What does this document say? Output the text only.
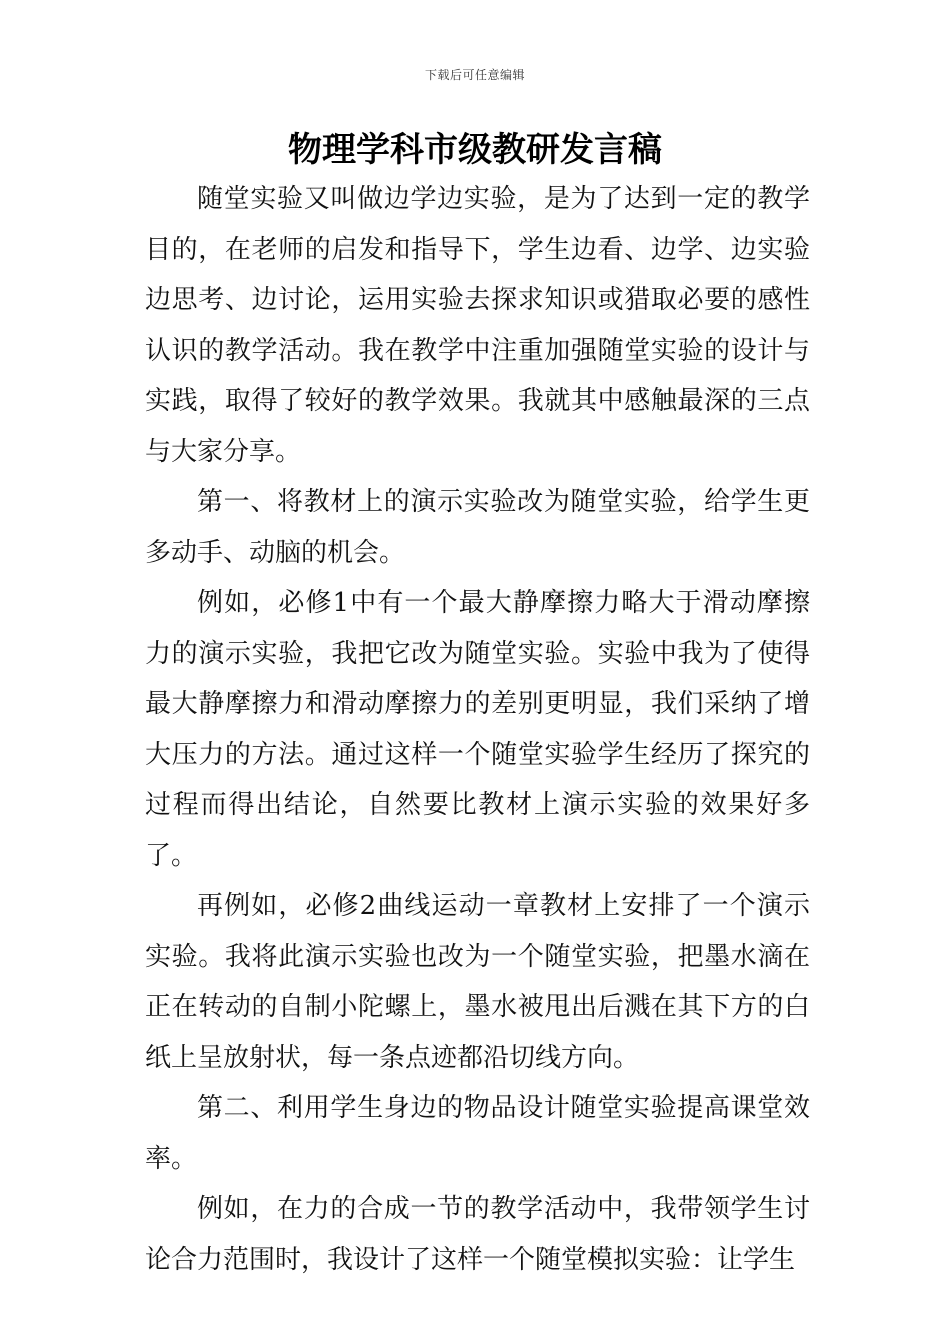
下载后可任意编辑
物理学科市级教研发言稿

随堂实验又叫做边学边实验，是为了达到一定的教学目的，在老师的启发和指导下，学生边看、边学、边实验边思考、边讨论，运用实验去探求知识或猎取必要的感性认识的教学活动。我在教学中注重加强随堂实验的设计与实践，取得了较好的教学效果。我就其中感触最深的三点与大家分享。

第一、将教材上的演示实验改为随堂实验，给学生更多动手、动脑的机会。

例如，必修1中有一个最大静摩擦力略大于滑动摩擦力的演示实验，我把它改为随堂实验。实验中我为了使得最大静摩擦力和滑动摩擦力的差别更明显，我们采纳了增大压力的方法。通过这样一个随堂实验学生经历了探究的过程而得出结论，自然要比教材上演示实验的效果好多了。

再例如，必修2曲线运动一章教材上安排了一个演示实验。我将此演示实验也改为一个随堂实验，把墨水滴在正在转动的自制小陀螺上，墨水被甩出后溅在其下方的白纸上呈放射状，每一条点迹都沿切线方向。

第二、利用学生身边的物品设计随堂实验提高课堂效率。

例如，在力的合成一节的教学活动中，我带领学生讨论合力范围时，我设计了这样一个随堂模拟实验：让学生
